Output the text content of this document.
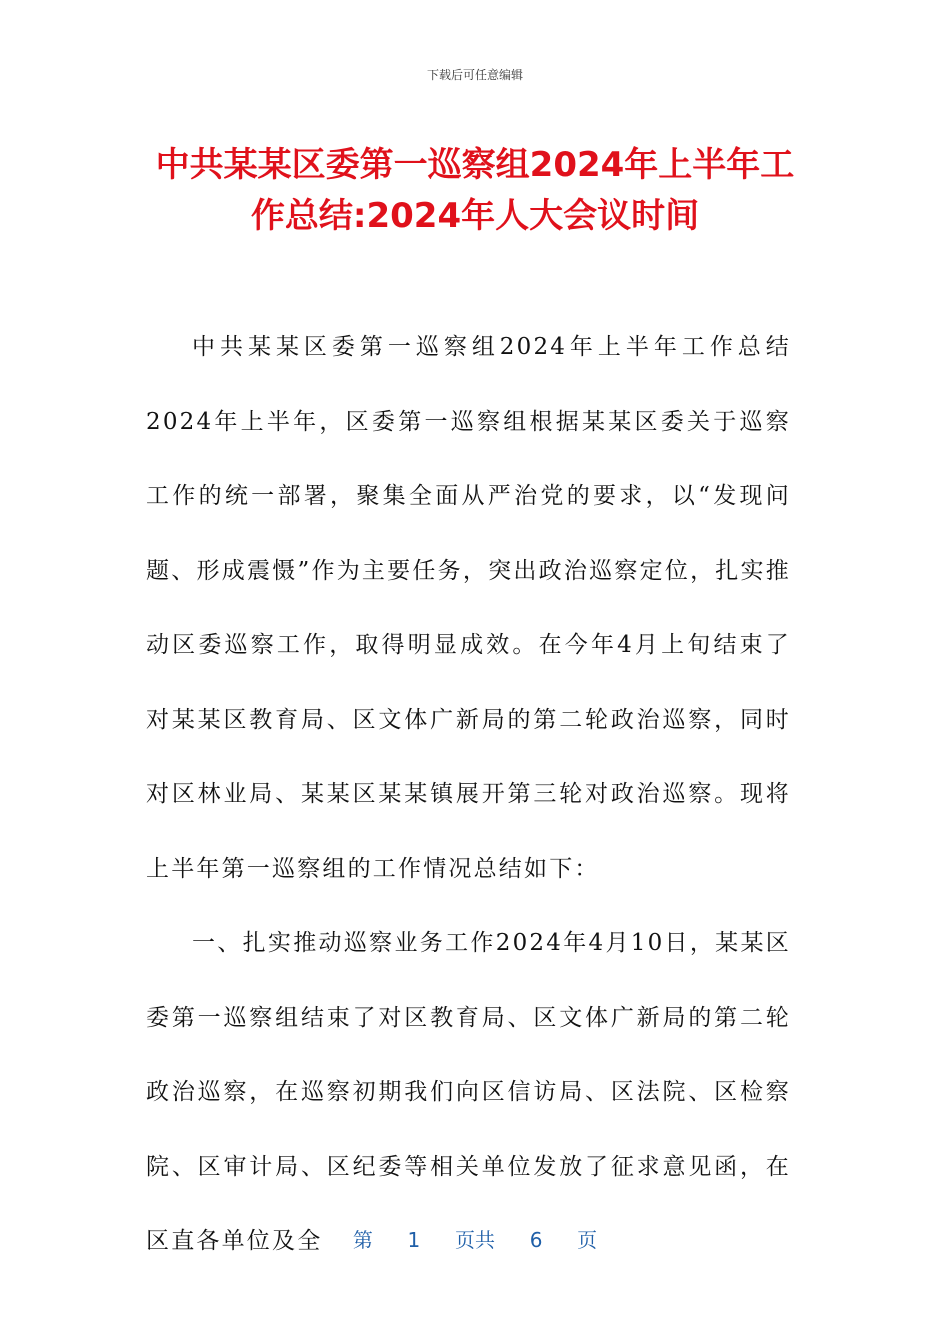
下载后可任意编辑
中共某某区委第一巡察组2024年上半年工作总结:2024年人大会议时间

中共某某区委第一巡察组2024年上半年工作总结2024年上半年，区委第一巡察组根据某某区委关于巡察工作的统一部署，聚集全面从严治党的要求，以“发现问题、形成震慑”作为主要任务，突出政治巡察定位，扎实推动区委巡察工作，取得明显成效。在今年4月上旬结束了对某某区教育局、区文体广新局的第二轮政治巡察，同时对区林业局、某某区某某镇展开第三轮对政治巡察。现将上半年第一巡察组的工作情况总结如下：

一、扎实推动巡察业务工作2024年4月10日，某某区委第一巡察组结束了对区教育局、区文体广新局的第二轮政治巡察，在巡察初期我们向区信访局、区法院、区检察院、区审计局、区纪委等相关单位发放了征求意见函，在区直各单位及全	第 1 页共 6 页
